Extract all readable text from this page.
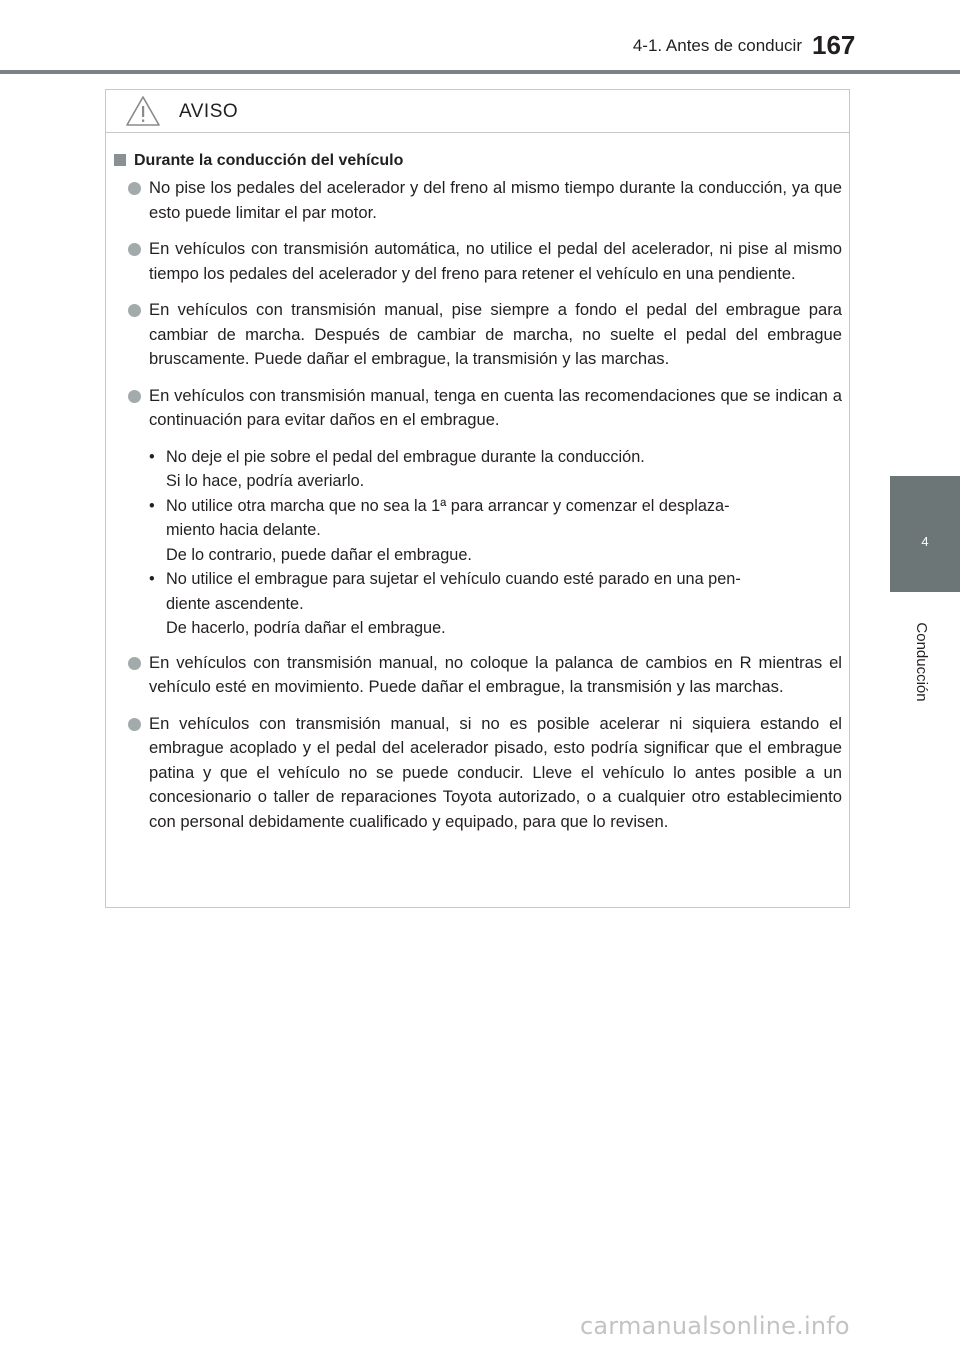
4-1. Antes de conducir 167
4
Conducción
AVISO
Durante la conducción del vehículo

No pise los pedales del acelerador y del freno al mismo tiempo durante la conducción, ya que esto puede limitar el par motor.

En vehículos con transmisión automática, no utilice el pedal del acelerador, ni pise al mismo tiempo los pedales del acelerador y del freno para retener el vehículo en una pendiente.

En vehículos con transmisión manual, pise siempre a fondo el pedal del embrague para cambiar de marcha. Después de cambiar de marcha, no suelte el pedal del embrague bruscamente. Puede dañar el embrague, la transmisión y las marchas.

En vehículos con transmisión manual, tenga en cuenta las recomendaciones que se indican a continuación para evitar daños en el embrague.

• No deje el pie sobre el pedal del embrague durante la conducción.
Si lo hace, podría averiarlo.
• No utilice otra marcha que no sea la 1ª para arrancar y comenzar el desplaza-
miento hacia delante.
De lo contrario, puede dañar el embrague.
• No utilice el embrague para sujetar el vehículo cuando esté parado en una pen-
diente ascendente.
De hacerlo, podría dañar el embrague.

En vehículos con transmisión manual, no coloque la palanca de cambios en R mientras el vehículo esté en movimiento. Puede dañar el embrague, la transmisión y las marchas.

En vehículos con transmisión manual, si no es posible acelerar ni siquiera estando el embrague acoplado y el pedal del acelerador pisado, esto podría significar que el embrague patina y que el vehículo no se puede conducir. Lleve el vehículo lo antes posible a un concesionario o taller de reparaciones Toyota autorizado, o a cualquier otro establecimiento con personal debidamente cualificado y equipado, para que lo revisen.

carmanualsonline.info
